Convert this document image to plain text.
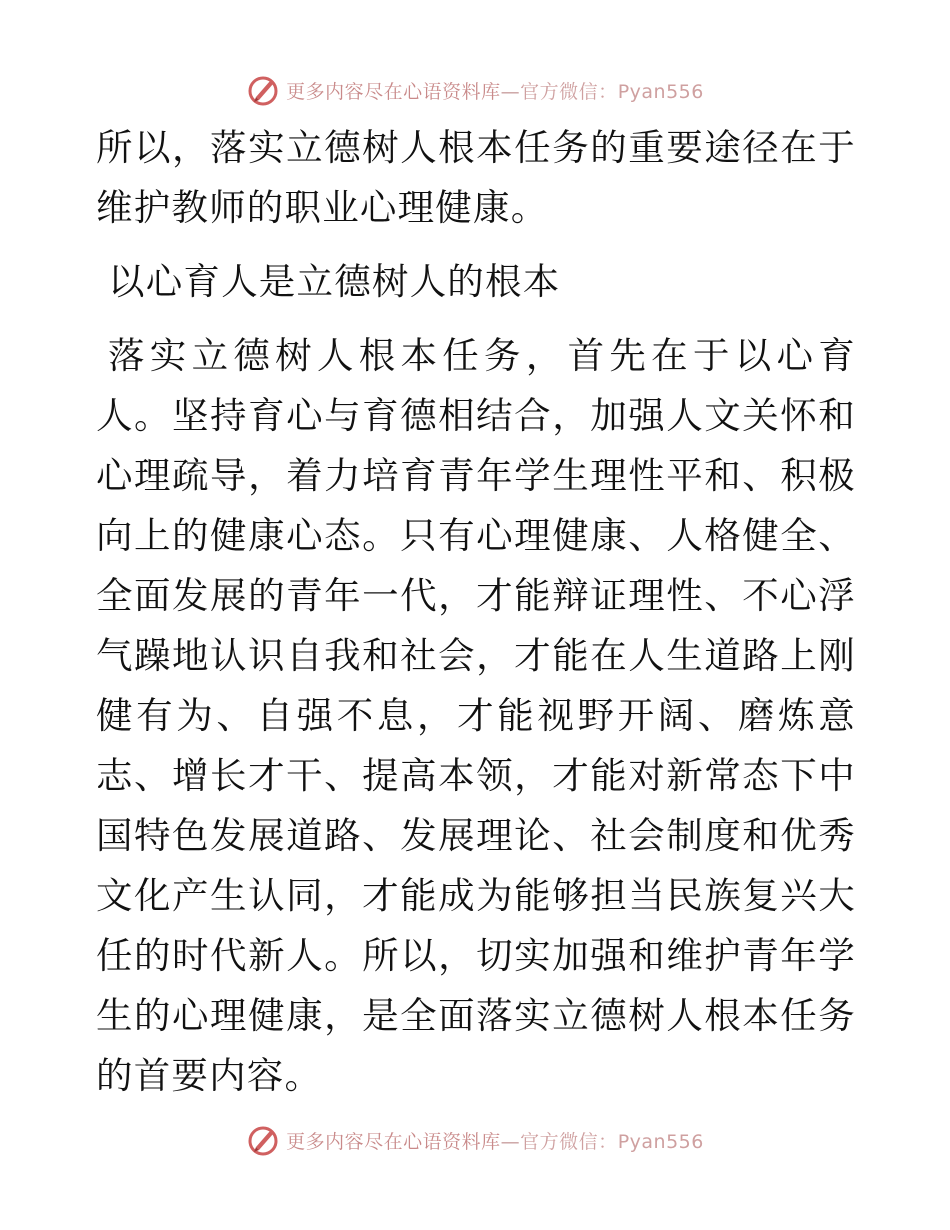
更多内容尽在心语资料库—官方微信：Pyan556

所以，落实立德树人根本任务的重要途径在于维护教师的职业心理健康。

以心育人是立德树人的根本

落实立德树人根本任务，首先在于以心育人。坚持育心与育德相结合，加强人文关怀和心理疏导，着力培育青年学生理性平和、积极向上的健康心态。只有心理健康、人格健全、全面发展的青年一代，才能辩证理性、不心浮气躁地认识自我和社会，才能在人生道路上刚健有为、自强不息，才能视野开阔、磨炼意志、增长才干、提高本领，才能对新常态下中国特色发展道路、发展理论、社会制度和优秀文化产生认同，才能成为能够担当民族复兴大任的时代新人。所以，切实加强和维护青年学生的心理健康，是全面落实立德树人根本任务的首要内容。

更多内容尽在心语资料库—官方微信：Pyan556
